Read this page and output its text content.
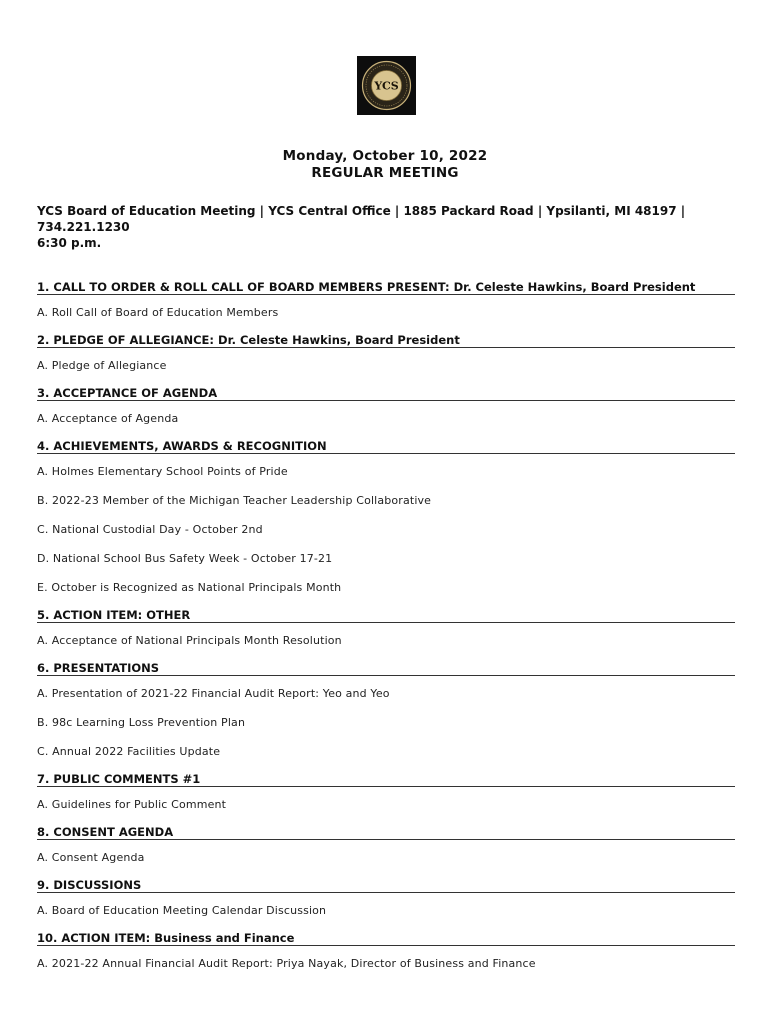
YCS
Monday, October 10, 2022
REGULAR MEETING
YCS Board of Education Meeting | YCS Central Office | 1885 Packard Road | Ypsilanti, MI 48197 |
734.221.1230
6:30 p.m.
1. CALL TO ORDER & ROLL CALL OF BOARD MEMBERS PRESENT: Dr. Celeste Hawkins, Board President
A. Roll Call of Board of Education Members
2. PLEDGE OF ALLEGIANCE: Dr. Celeste Hawkins, Board President
A. Pledge of Allegiance
3. ACCEPTANCE OF AGENDA
A. Acceptance of Agenda
4. ACHIEVEMENTS, AWARDS & RECOGNITION
A. Holmes Elementary School Points of Pride
B. 2022-23 Member of the Michigan Teacher Leadership Collaborative
C. National Custodial Day - October 2nd
D. National School Bus Safety Week - October 17-21
E. October is Recognized as National Principals Month
5. ACTION ITEM: OTHER
A. Acceptance of National Principals Month Resolution
6. PRESENTATIONS
A. Presentation of 2021-22 Financial Audit Report: Yeo and Yeo
B. 98c Learning Loss Prevention Plan
C. Annual 2022 Facilities Update
7. PUBLIC COMMENTS #1
A. Guidelines for Public Comment
8. CONSENT AGENDA
A. Consent Agenda
9. DISCUSSIONS
A. Board of Education Meeting Calendar Discussion
10. ACTION ITEM: Business and Finance
A. 2021-22 Annual Financial Audit Report: Priya Nayak, Director of Business and Finance
